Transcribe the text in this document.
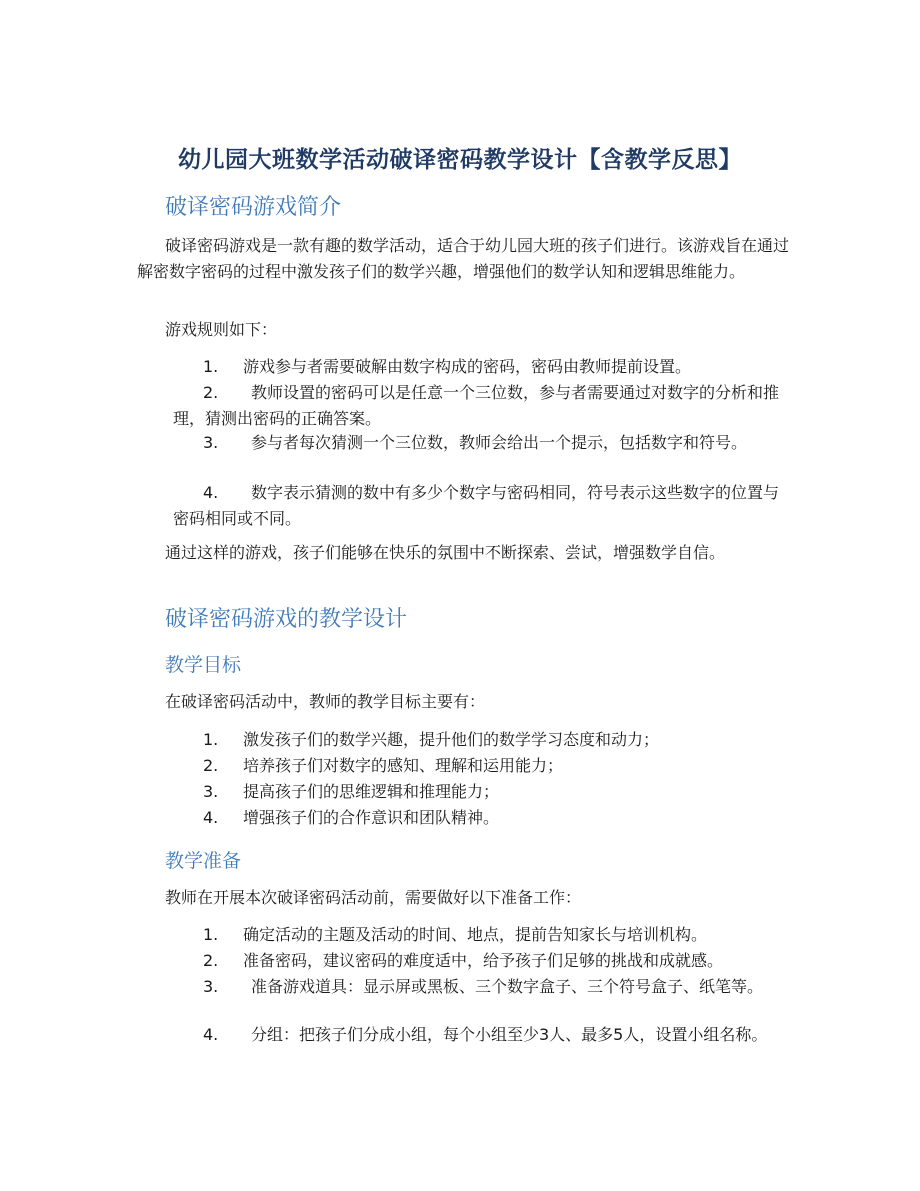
幼儿园大班数学活动破译密码教学设计【含教学反思】
破译密码游戏简介
破译密码游戏是一款有趣的数学活动，适合于幼儿园大班的孩子们进行。该游戏旨在通过解密数字密码的过程中激发孩子们的数学兴趣，增强他们的数学认知和逻辑思维能力。
游戏规则如下：
1.	游戏参与者需要破解由数字构成的密码，密码由教师提前设置。
2.	教师设置的密码可以是任意一个三位数，参与者需要通过对数字的分析和推理，猜测出密码的正确答案。
3.	参与者每次猜测一个三位数，教师会给出一个提示，包括数字和符号。
4.	数字表示猜测的数中有多少个数字与密码相同，符号表示这些数字的位置与密码相同或不同。
通过这样的游戏，孩子们能够在快乐的氛围中不断探索、尝试，增强数学自信。
破译密码游戏的教学设计
教学目标
在破译密码活动中，教师的教学目标主要有：
1.	激发孩子们的数学兴趣，提升他们的数学学习态度和动力；
2.	培养孩子们对数字的感知、理解和运用能力；
3.	提高孩子们的思维逻辑和推理能力；
4.	增强孩子们的合作意识和团队精神。
教学准备
教师在开展本次破译密码活动前，需要做好以下准备工作：
1.	确定活动的主题及活动的时间、地点，提前告知家长与培训机构。
2.	准备密码，建议密码的难度适中，给予孩子们足够的挑战和成就感。
3.	准备游戏道具：显示屏或黑板、三个数字盒子、三个符号盒子、纸笔等。
4.	分组：把孩子们分成小组，每个小组至少3人、最多5人，设置小组名称。
